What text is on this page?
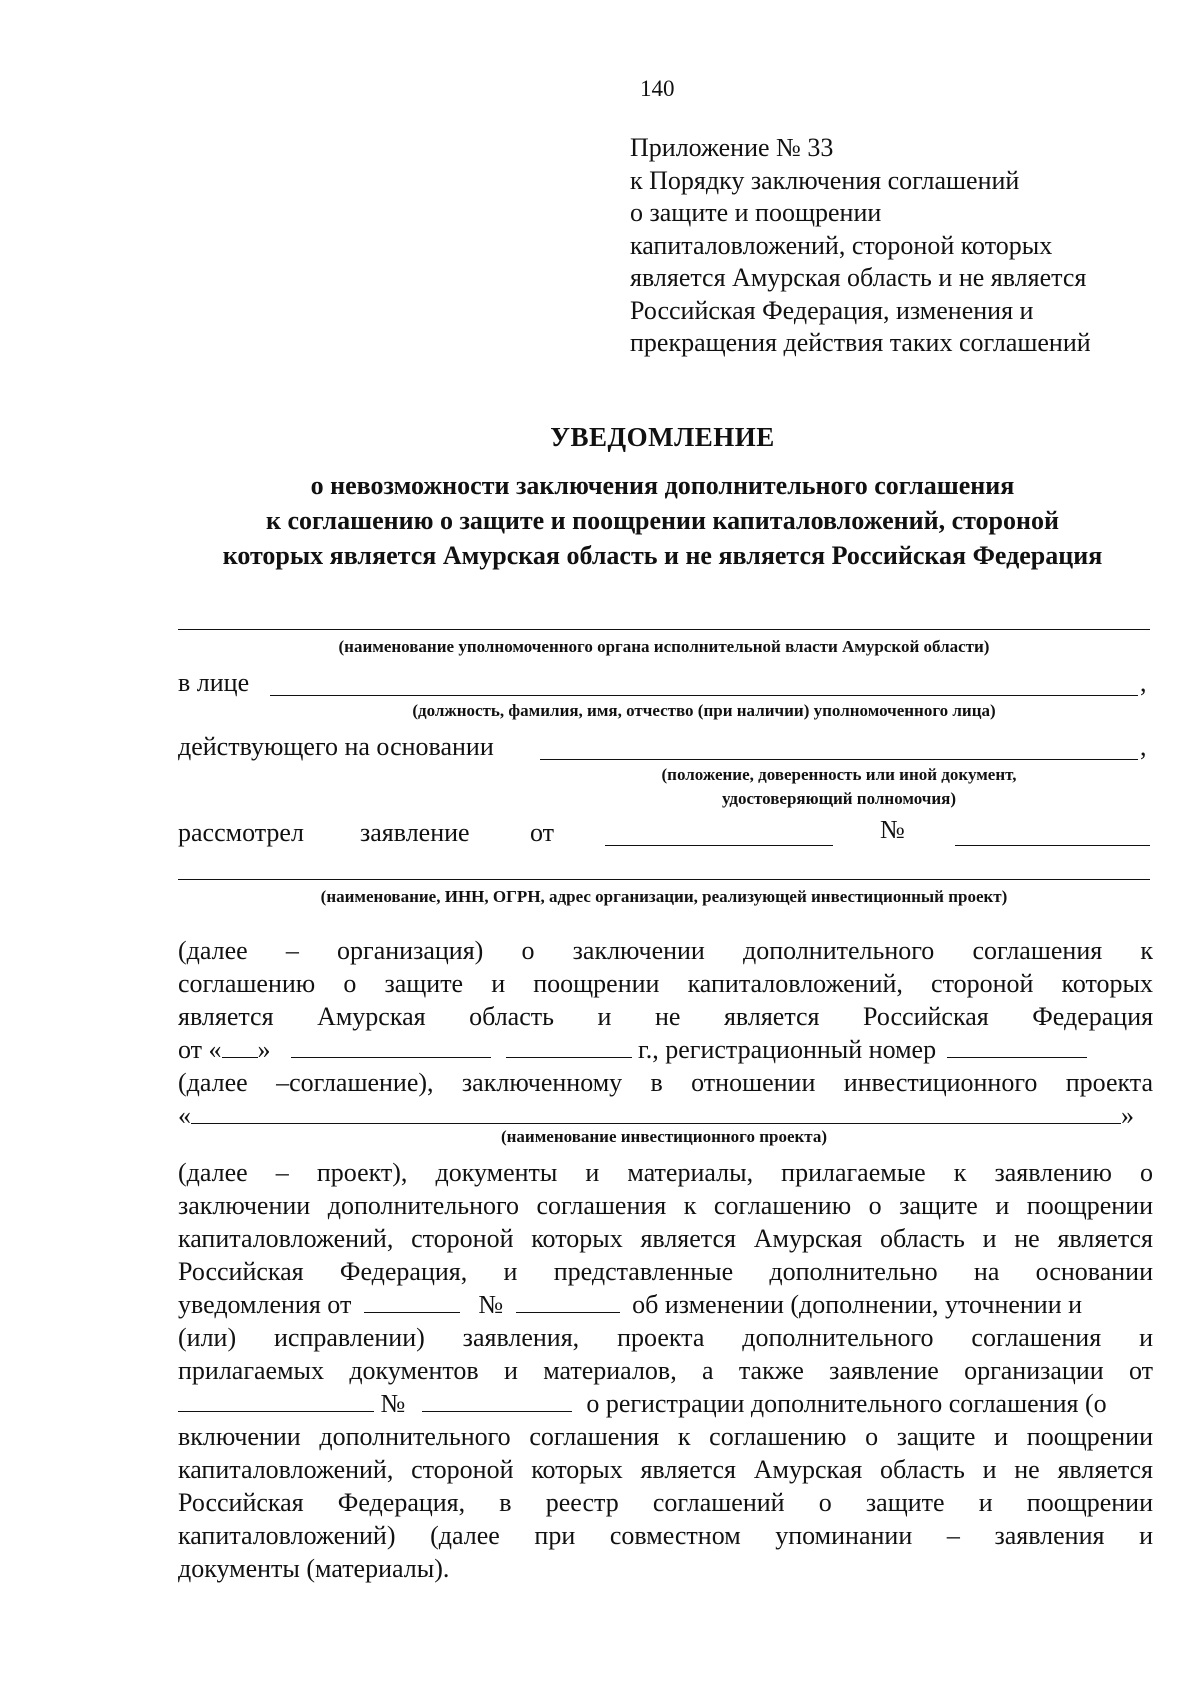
140
Приложение № 33
к Порядку заключения соглашений
о защите и поощрении
капиталовложений, стороной которых
является Амурская область и не является
Российская Федерация, изменения и
прекращения действия таких соглашений
УВЕДОМЛЕНИЕ
о невозможности заключения дополнительного соглашения
к соглашению о защите и поощрении капиталовложений, стороной
которых является Амурская область и не является Российская Федерация
(наименование уполномоченного органа исполнительной власти Амурской области)
в лице	,
(должность, фамилия, имя, отчество (при наличии) уполномоченного лица)
действующего на основании	,
(положение, доверенность или иной документ,
удостоверяющий полномочия)
рассмотрел заявление от	№
(наименование, ИНН, ОГРН, адрес организации, реализующей инвестиционный проект)
(далее – организация) о заключении дополнительного соглашения к
соглашению о защите и поощрении капиталовложений, стороной которых
является Амурская область и не является Российская Федерация
от « »	г., регистрационный номер
(далее –соглашение), заключенному в отношении инвестиционного проекта
«	»
(наименование инвестиционного проекта)
(далее – проект), документы и материалы, прилагаемые к заявлению о
заключении дополнительного соглашения к соглашению о защите и поощрении
капиталовложений, стороной которых является Амурская область и не является
Российская Федерация, и представленные дополнительно на основании
уведомления от	№	об изменении (дополнении, уточнении и
(или) исправлении) заявления, проекта дополнительного соглашения и
прилагаемых документов и материалов, а также заявление организации от
№	о регистрации дополнительного соглашения (о
включении дополнительного соглашения к соглашению о защите и поощрении
капиталовложений, стороной которых является Амурская область и не является
Российская Федерация, в реестр соглашений о защите и поощрении
капиталовложений) (далее при совместном упоминании – заявления и
документы (материалы).
